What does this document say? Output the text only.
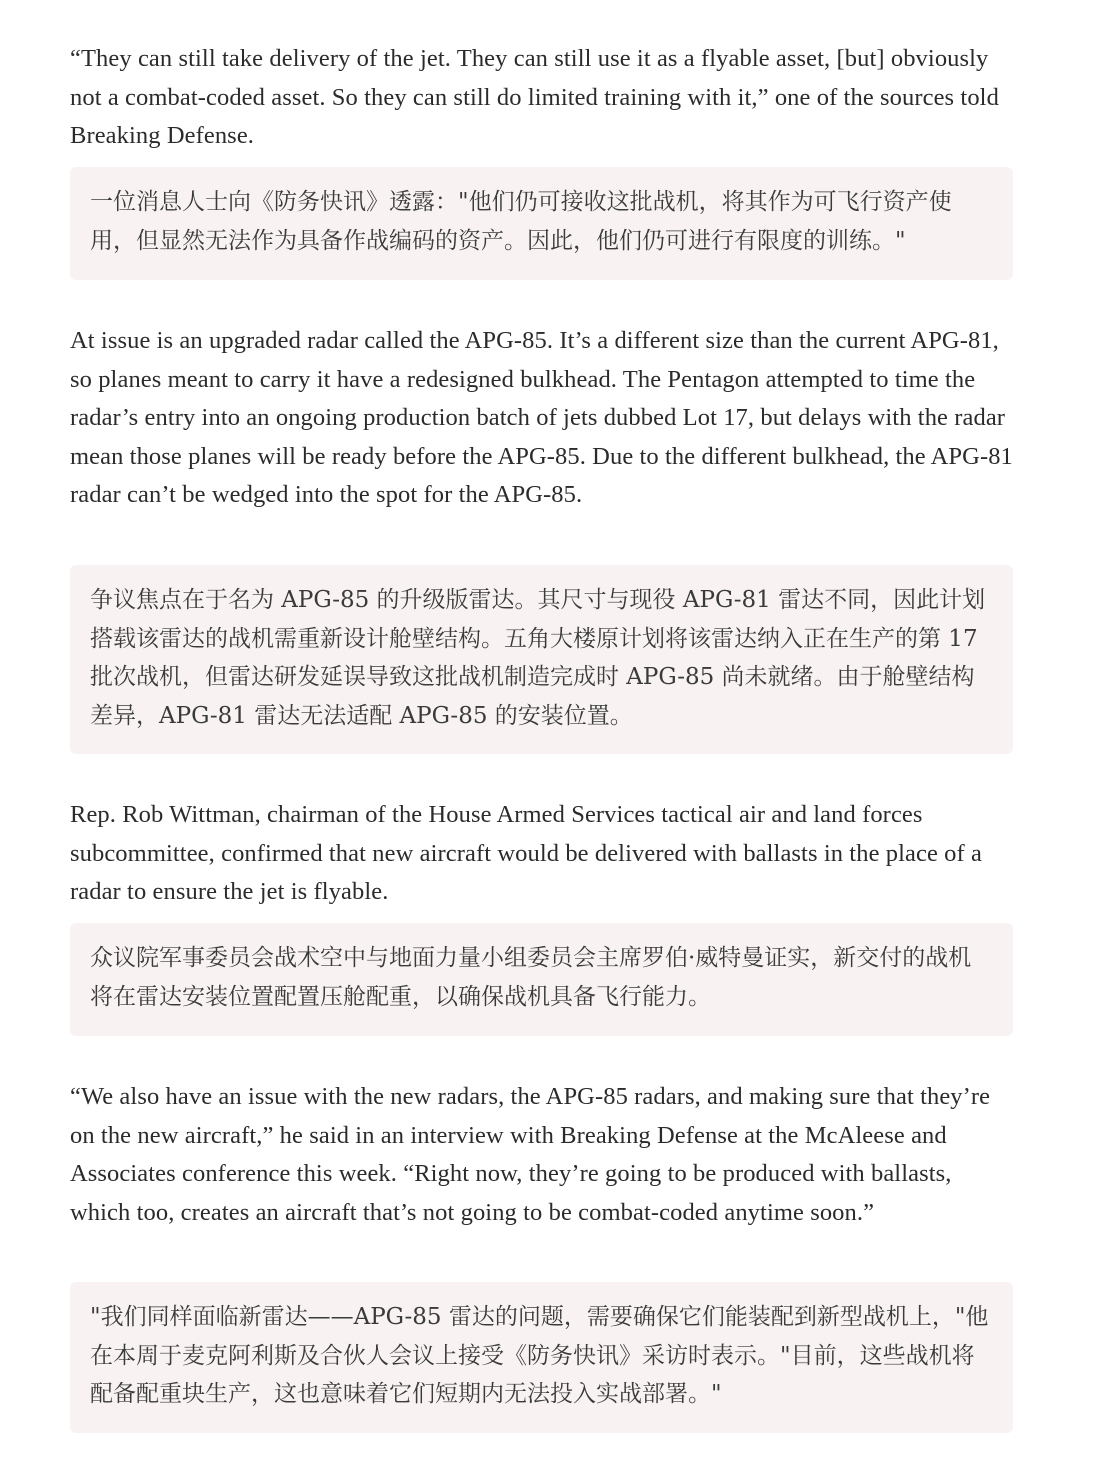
“They can still take delivery of the jet. They can still use it as a flyable asset, [but] obviously not a combat-coded asset. So they can still do limited training with it,” one of the sources told Breaking Defense.

一位消息人士向《防务快讯》透露："他们仍可接收这批战机，将其作为可飞行资产使用，但显然无法作为具备作战编码的资产。因此，他们仍可进行有限度的训练。"

At issue is an upgraded radar called the APG-85. It’s a different size than the current APG-81, so planes meant to carry it have a redesigned bulkhead. The Pentagon attempted to time the radar’s entry into an ongoing production batch of jets dubbed Lot 17, but delays with the radar mean those planes will be ready before the APG-85. Due to the different bulkhead, the APG-81 radar can’t be wedged into the spot for the APG-85.

争议焦点在于名为 APG-85 的升级版雷达。其尺寸与现役 APG-81 雷达不同，因此计划搭载该雷达的战机需重新设计舱壁结构。五角大楼原计划将该雷达纳入正在生产的第 17 批次战机，但雷达研发延误导致这批战机制造完成时 APG-85 尚未就绪。由于舱壁结构差异，APG-81 雷达无法适配 APG-85 的安装位置。

Rep. Rob Wittman, chairman of the House Armed Services tactical air and land forces subcommittee, confirmed that new aircraft would be delivered with ballasts in the place of a radar to ensure the jet is flyable.

众议院军事委员会战术空中与地面力量小组委员会主席罗伯·威特曼证实，新交付的战机将在雷达安装位置配置压舱配重，以确保战机具备飞行能力。

“We also have an issue with the new radars, the APG-85 radars, and making sure that they’re on the new aircraft,” he said in an interview with Breaking Defense at the McAleese and Associates conference this week. “Right now, they’re going to be produced with ballasts, which too, creates an aircraft that’s not going to be combat-coded anytime soon.”

"我们同样面临新雷达——APG-85 雷达的问题，需要确保它们能装配到新型战机上，"他在本周于麦克阿利斯及合伙人会议上接受《防务快讯》采访时表示。"目前，这些战机将配备配重块生产，这也意味着它们短期内无法投入实战部署。"
